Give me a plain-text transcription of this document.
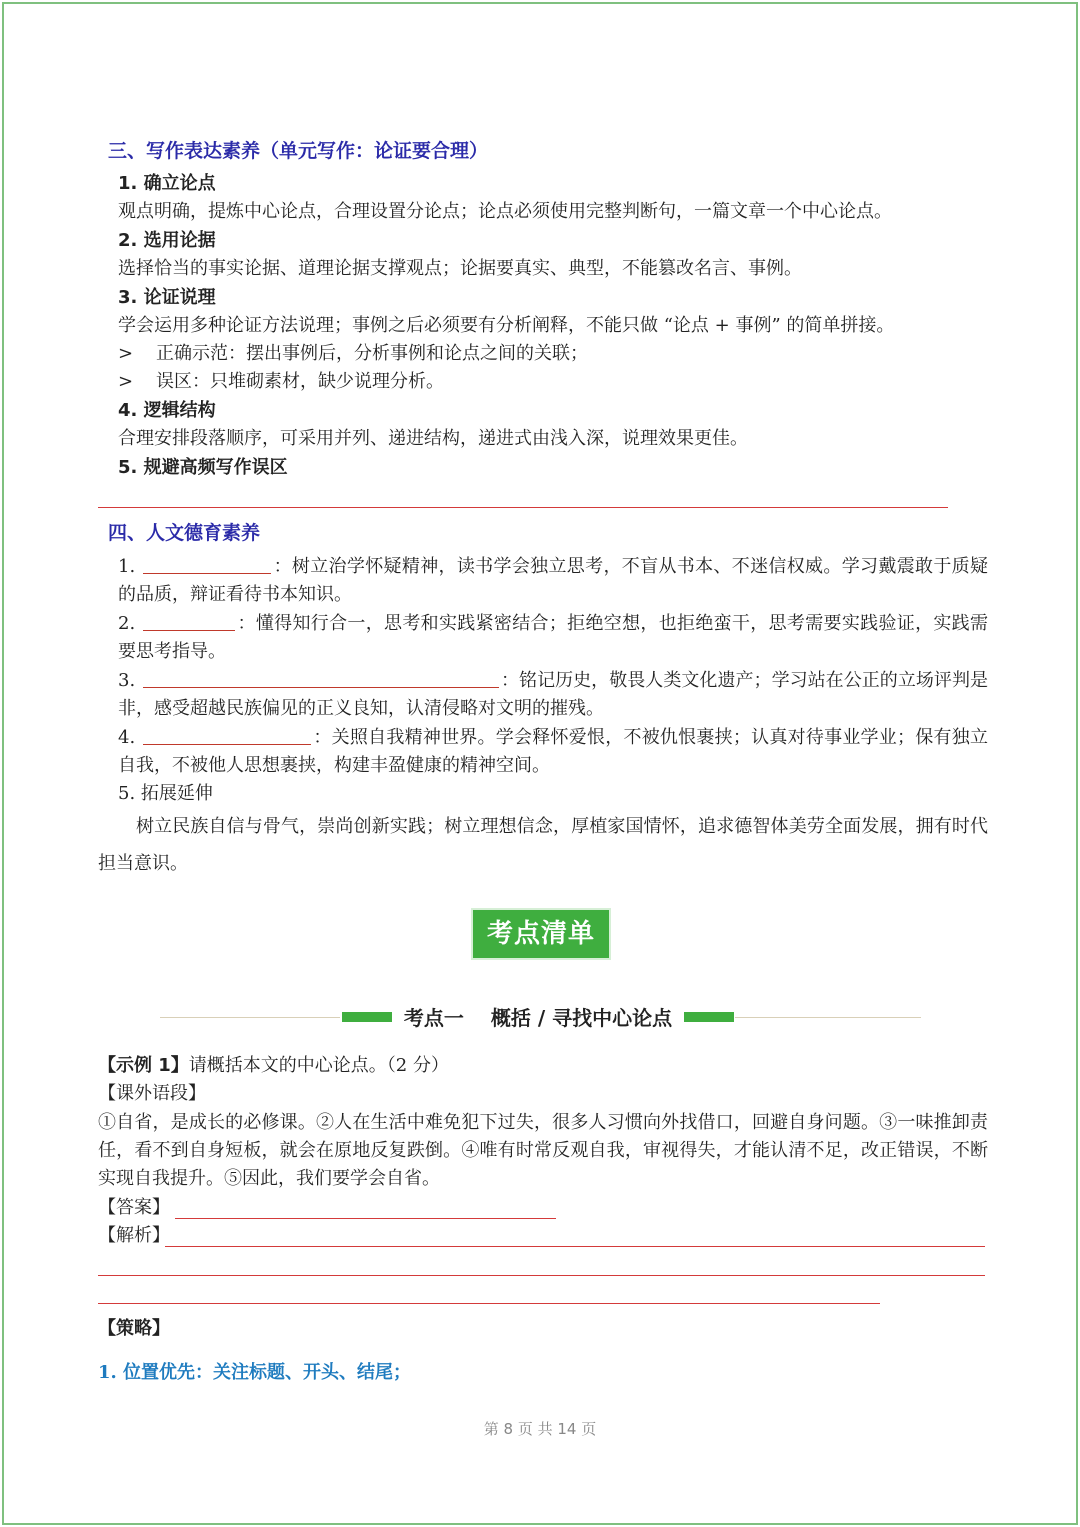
三、写作表达素养（单元写作：论证要合理）
1. 确立论点
观点明确，提炼中心论点，合理设置分论点；论点必须使用完整判断句，一篇文章一个中心论点。
2. 选用论据
选择恰当的事实论据、道理论据支撑观点；论据要真实、典型，不能篡改名言、事例。
3. 论证说理
学会运用多种论证方法说理；事例之后必须要有分析阐释，不能只做 “论点 + 事例” 的简单拼接。
> 正确示范：摆出事例后，分析事例和论点之间的关联；
> 误区：只堆砌素材，缺少说理分析。
4. 逻辑结构
合理安排段落顺序，可采用并列、递进结构，递进式由浅入深，说理效果更佳。
5. 规避高频写作误区
四、人文德育素养
1.	：树立治学怀疑精神，读书学会独立思考，不盲从书本、不迷信权威。学习戴震敢于质疑的品质，辩证看待书本知识。
2.	：懂得知行合一，思考和实践紧密结合；拒绝空想，也拒绝蛮干，思考需要实践验证，实践需要思考指导。
3.	：铭记历史，敬畏人类文化遗产；学习站在公正的立场评判是非，感受超越民族偏见的正义良知，认清侵略对文明的摧残。
4.	：关照自我精神世界。学会释怀爱恨，不被仇恨裹挟；认真对待事业学业；保有独立自我，不被他人思想裹挟，构建丰盈健康的精神空间。
5. 拓展延伸
树立民族自信与骨气，崇尚创新实践；树立理想信念，厚植家国情怀，追求德智体美劳全面发展，拥有时代担当意识。
考点清单
考点一　 概括 / 寻找中心论点
【示例 1】请概括本文的中心论点。（2 分）
【课外语段】
①自省，是成长的必修课。②人在生活中难免犯下过失，很多人习惯向外找借口，回避自身问题。③一味推卸责任，看不到自身短板，就会在原地反复跌倒。④唯有时常反观自我，审视得失，才能认清不足，改正错误，不断实现自我提升。⑤因此，我们要学会自省。
【答案】
【解析】
【策略】
1. 位置优先：关注标题、开头、结尾；
第 8 页 共 14 页
